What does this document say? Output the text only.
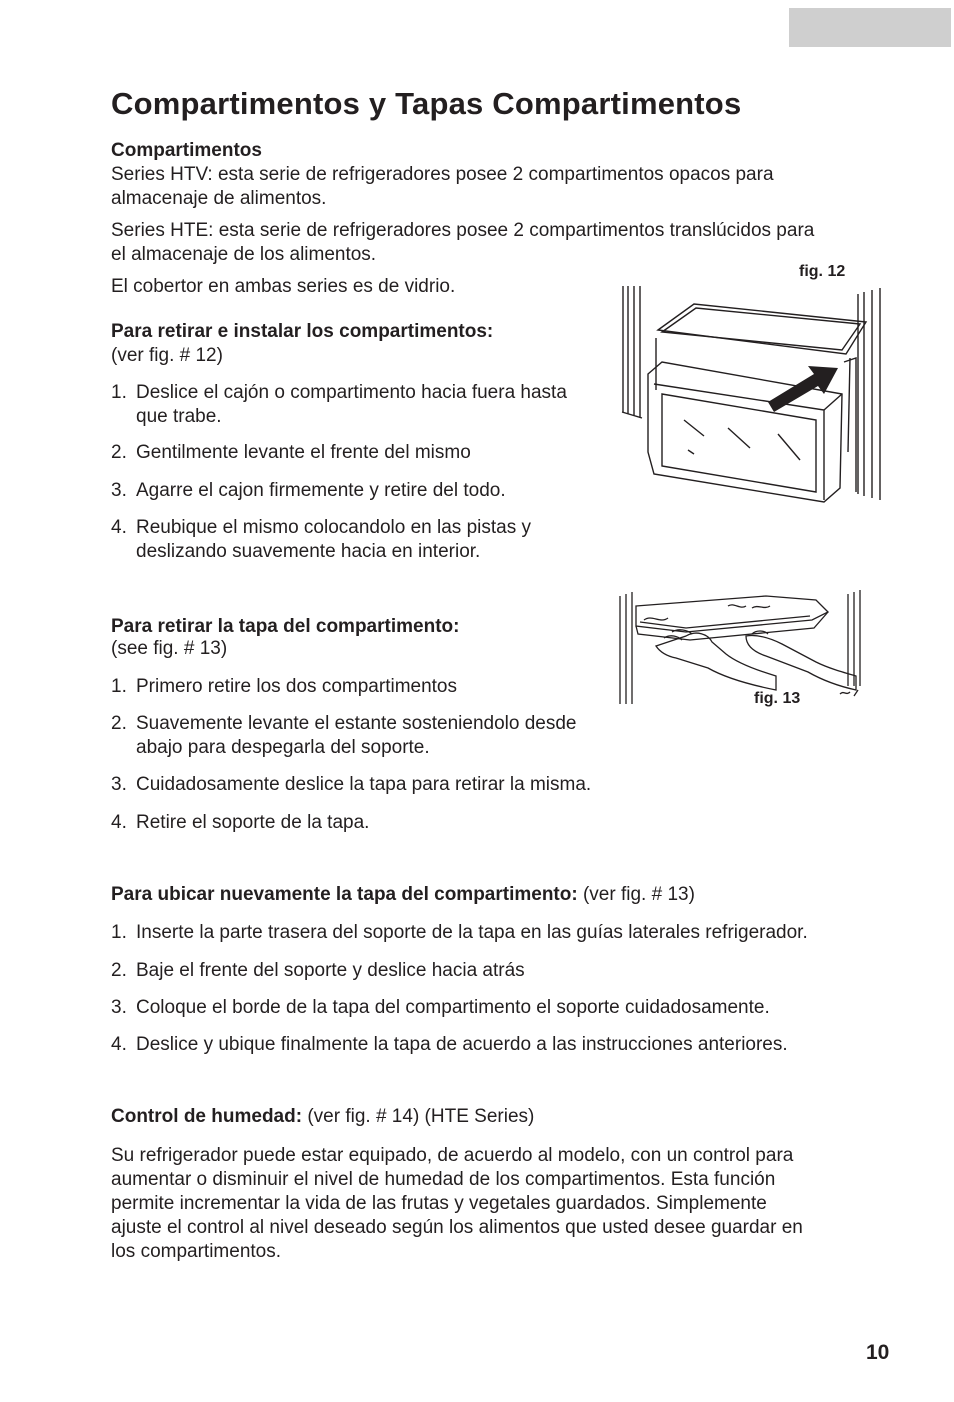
Compartimentos y Tapas Compartimentos

Compartimentos

Series HTV: esta serie de refrigeradores posee 2 compartimentos opacos para

almacenaje de alimentos.

Series HTE: esta serie de refrigeradores posee 2 compartimentos translúcidos para

el almacenaje de los alimentos.

El cobertor en ambas series es de vidrio.

fig. 12

Para retirar e instalar los compartimentos:

(ver fig. # 12)

1. Deslice el cajón o compartimento hacia fuera hasta
que trabe.
2. Gentilmente levante el frente del mismo
3. Agarre el cajon firmemente y retire del todo.
4. Reubique el mismo colocandolo en las pistas y
deslizando suavemente hacia en interior.
fig. 13

Para retirar la tapa del compartimento:

(see fig. # 13)

1. Primero retire los dos compartimentos
2. Suavemente levante el estante sosteniendolo desde
abajo para despegarla del soporte.
3. Cuidadosamente deslice la tapa para retirar la misma.
4. Retire el soporte de la tapa.

Para ubicar nuevamente la tapa del compartimento: (ver fig. # 13)

1. Inserte la parte trasera del soporte de la tapa en las guías laterales refrigerador.
2. Baje el frente del soporte y deslice hacia atrás
3. Coloque el borde de la tapa del compartimento el soporte cuidadosamente.
4. Deslice y ubique finalmente la tapa de acuerdo a las instrucciones anteriores.

Control de humedad: (ver fig. # 14) (HTE Series)

Su refrigerador puede estar equipado, de acuerdo al modelo, con un control para

aumentar o disminuir el nivel de humedad de los compartimentos. Esta función

permite incrementar la vida de las frutas y vegetales guardados. Simplemente

ajuste el control al nivel deseado según los alimentos que usted desee guardar en

los compartimentos.

10
